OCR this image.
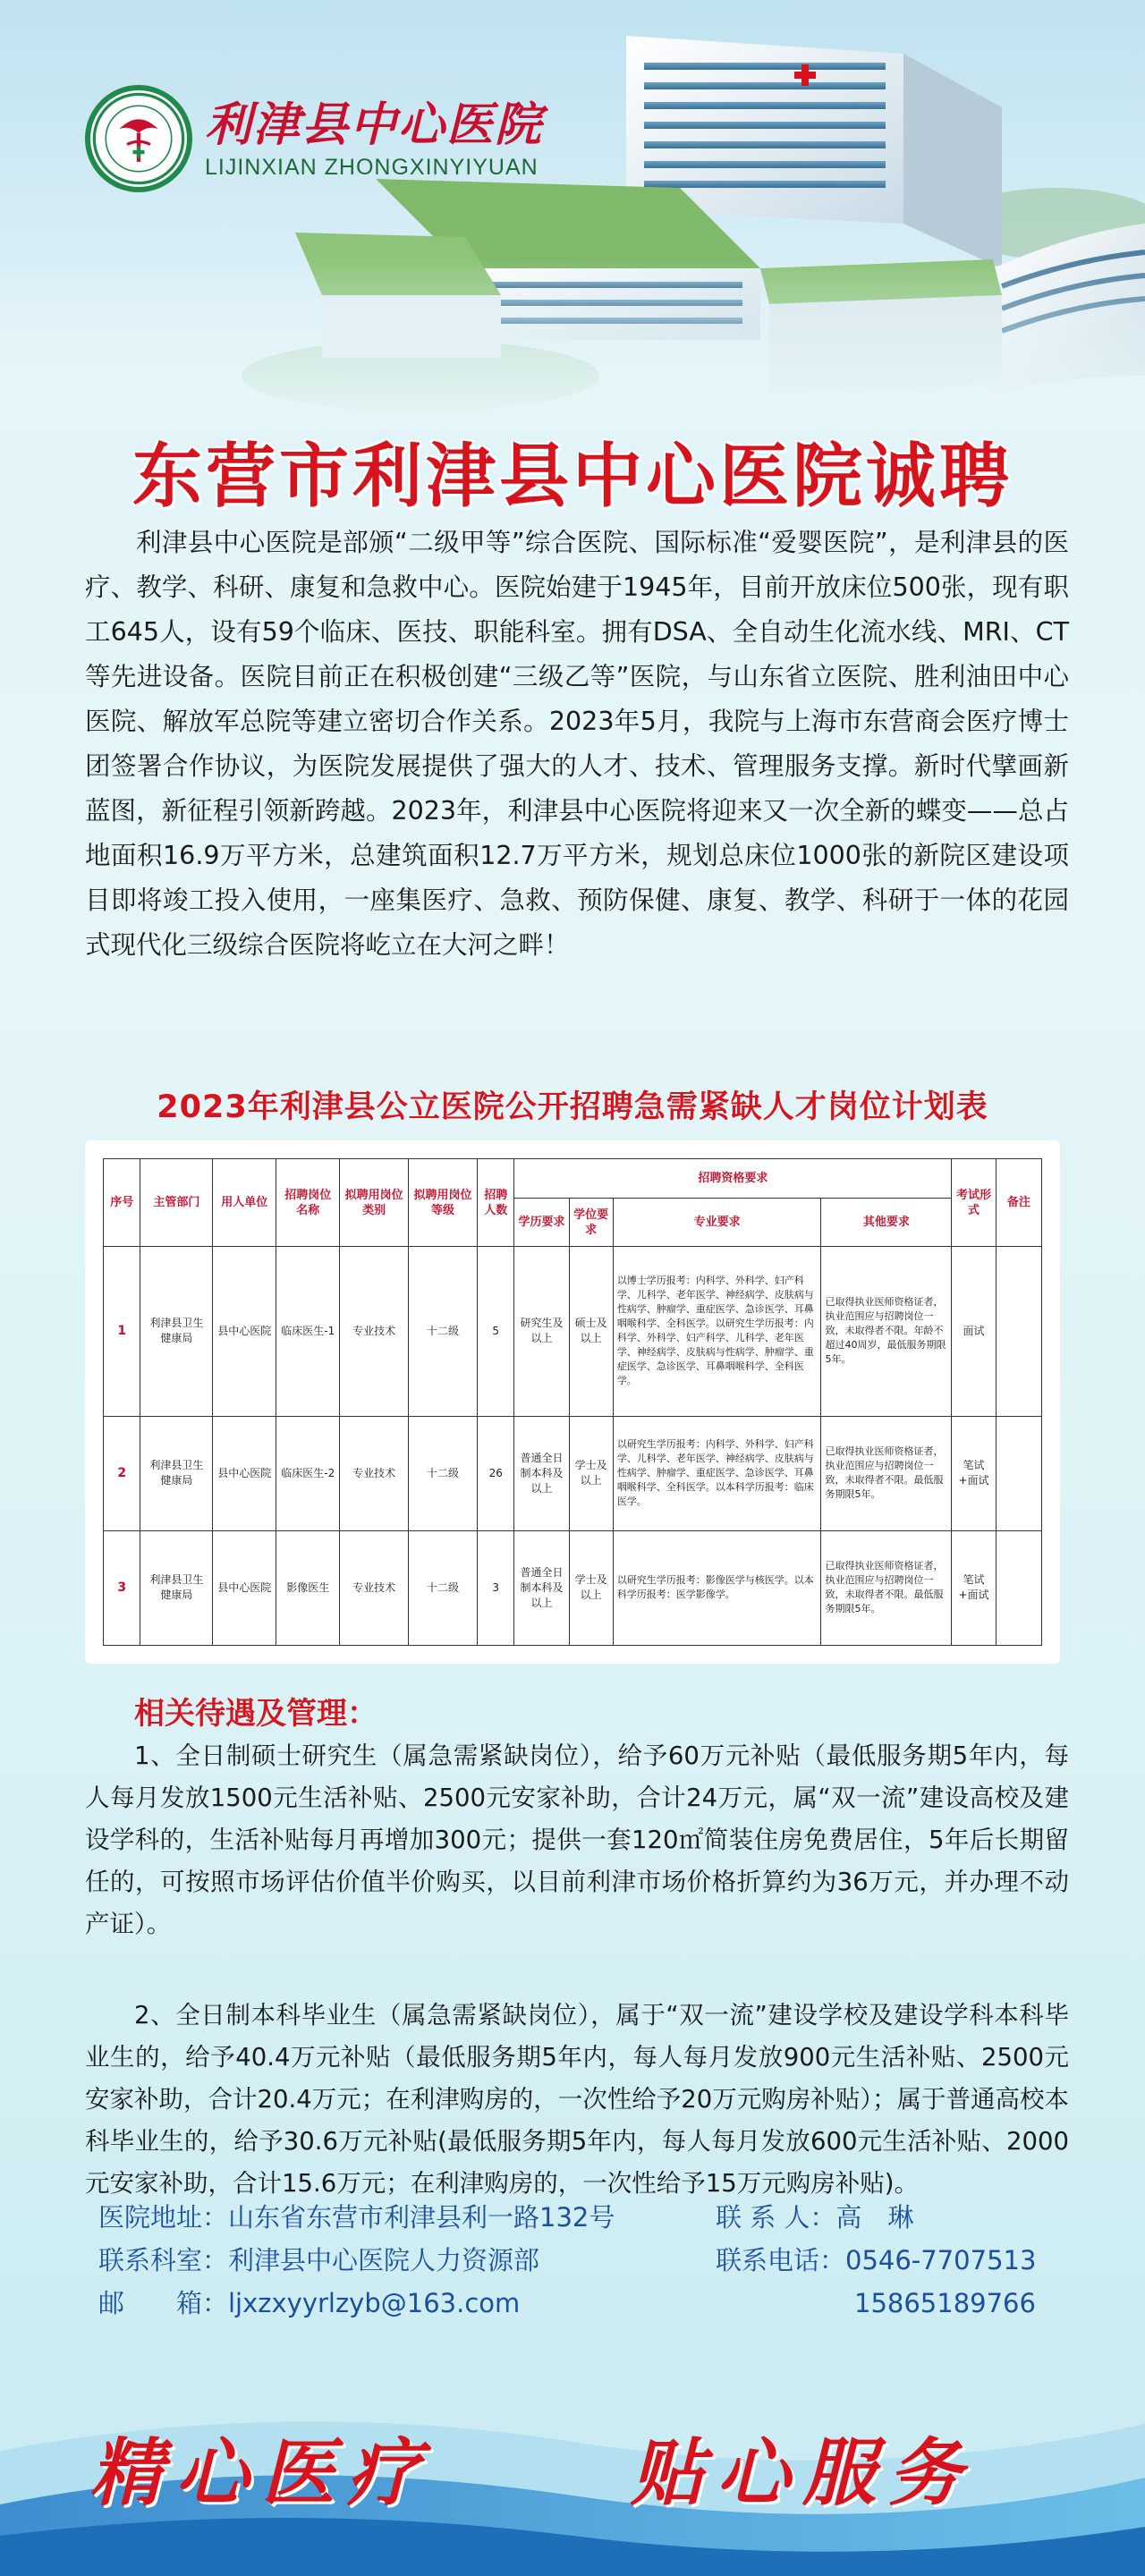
利津县中心医院
LIJINXIAN ZHONGXINYIYUAN
东营市利津县中心医院诚聘
利津县中心医院是部颁“二级甲等”综合医院、国际标准“爱婴医院”，是利津县的医疗、教学、科研、康复和急救中心。医院始建于1945年，目前开放床位500张，现有职工645人，设有59个临床、医技、职能科室。拥有DSA、全自动生化流水线、MRI、CT等先进设备。医院目前正在积极创建“三级乙等”医院，与山东省立医院、胜利油田中心医院、解放军总院等建立密切合作关系。2023年5月，我院与上海市东营商会医疗博士团签署合作协议，为医院发展提供了强大的人才、技术、管理服务支撑。新时代擘画新蓝图，新征程引领新跨越。2023年，利津县中心医院将迎来又一次全新的蝶变——总占地面积16.9万平方米，总建筑面积12.7万平方米，规划总床位1000张的新院区建设项目即将竣工投入使用，一座集医疗、急救、预防保健、康复、教学、科研于一体的花园式现代化三级综合医院将屹立在大河之畔！
2023年利津县公立医院公开招聘急需紧缺人才岗位计划表
序号	主管部门	用人单位	招聘岗位名称	拟聘用岗位类别	拟聘用岗位等级	招聘人数	招聘资格要求				考试形式	备注
							学历要求	学位要求	专业要求	其他要求		
1	利津县卫生健康局	县中心医院	临床医生-1	专业技术	十二级	5	研究生及以上	硕士及以上	以博士学历报考：内科学、外科学、妇产科学、儿科学、老年医学、神经病学、皮肤病与性病学、肿瘤学、重症医学、急诊医学、耳鼻咽喉科学、全科医学。以研究生学历报考：内科学、外科学、妇产科学、儿科学、老年医学、神经病学、皮肤病与性病学、肿瘤学、重症医学、急诊医学、耳鼻咽喉科学、全科医学。	已取得执业医师资格证者，执业范围应与招聘岗位一致，未取得者不限。年龄不超过40周岁，最低服务期限5年。	面试	
2	利津县卫生健康局	县中心医院	临床医生-2	专业技术	十二级	26	普通全日制本科及以上	学士及以上	以研究生学历报考：内科学、外科学、妇产科学、儿科学、老年医学、神经病学、皮肤病与性病学、肿瘤学、重症医学、急诊医学、耳鼻咽喉科学、全科医学。以本科学历报考：临床医学。	已取得执业医师资格证者，执业范围应与招聘岗位一致，未取得者不限。最低服务期限5年。	笔试+面试	
3	利津县卫生健康局	县中心医院	影像医生	专业技术	十二级	3	普通全日制本科及以上	学士及以上	以研究生学历报考：影像医学与核医学。以本科学历报考：医学影像学。	已取得执业医师资格证者，执业范围应与招聘岗位一致，未取得者不限。最低服务期限5年。	笔试+面试	
相关待遇及管理：
1、全日制硕士研究生（属急需紧缺岗位），给予60万元补贴（最低服务期5年内，每人每月发放1500元生活补贴、2500元安家补助，合计24万元，属“双一流”建设高校及建设学科的，生活补贴每月再增加300元；提供一套120㎡简装住房免费居住，5年后长期留任的，可按照市场评估价值半价购买，以目前利津市场价格折算约为36万元，并办理不动产证）。
2、全日制本科毕业生（属急需紧缺岗位），属于“双一流”建设学校及建设学科本科毕业生的，给予40.4万元补贴（最低服务期5年内，每人每月发放900元生活补贴、2500元安家补助，合计20.4万元；在利津购房的，一次性给予20万元购房补贴）；属于普通高校本科毕业生的，给予30.6万元补贴(最低服务期5年内，每人每月发放600元生活补贴、2000元安家补助，合计15.6万元；在利津购房的，一次性给予15万元购房补贴)。
医院地址：山东省东营市利津县利一路132号	联 系 人：高　琳
联系科室：利津县中心医院人力资源部	联系电话：0546-7707513
邮　　箱：ljxzxyyrlzyb@163.com	15865189766
精心医疗	贴心服务
